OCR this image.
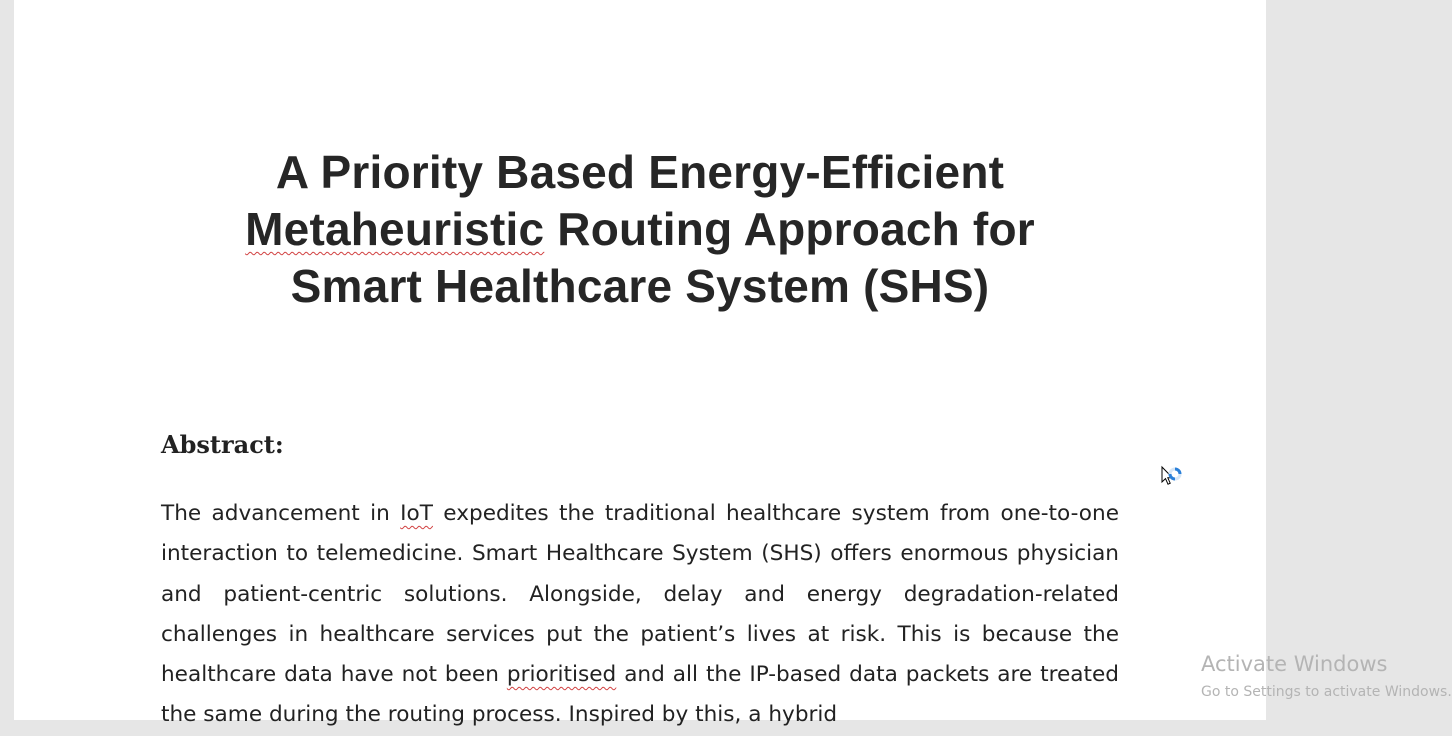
A Priority Based Energy-Efficient
Metaheuristic Routing Approach for
Smart Healthcare System (SHS)
Abstract:

The advancement in IoT expedites the traditional healthcare system from one-to-one interaction to telemedicine. Smart Healthcare System (SHS) offers enormous physician and patient-centric solutions. Alongside, delay and energy degradation-related challenges in healthcare services put the patient’s lives at risk. This is because the healthcare data have not been prioritised and all the IP-based data packets are treated the same during the routing process. Inspired by this, a hybrid

Activate Windows
Go to Settings to activate Windows.
